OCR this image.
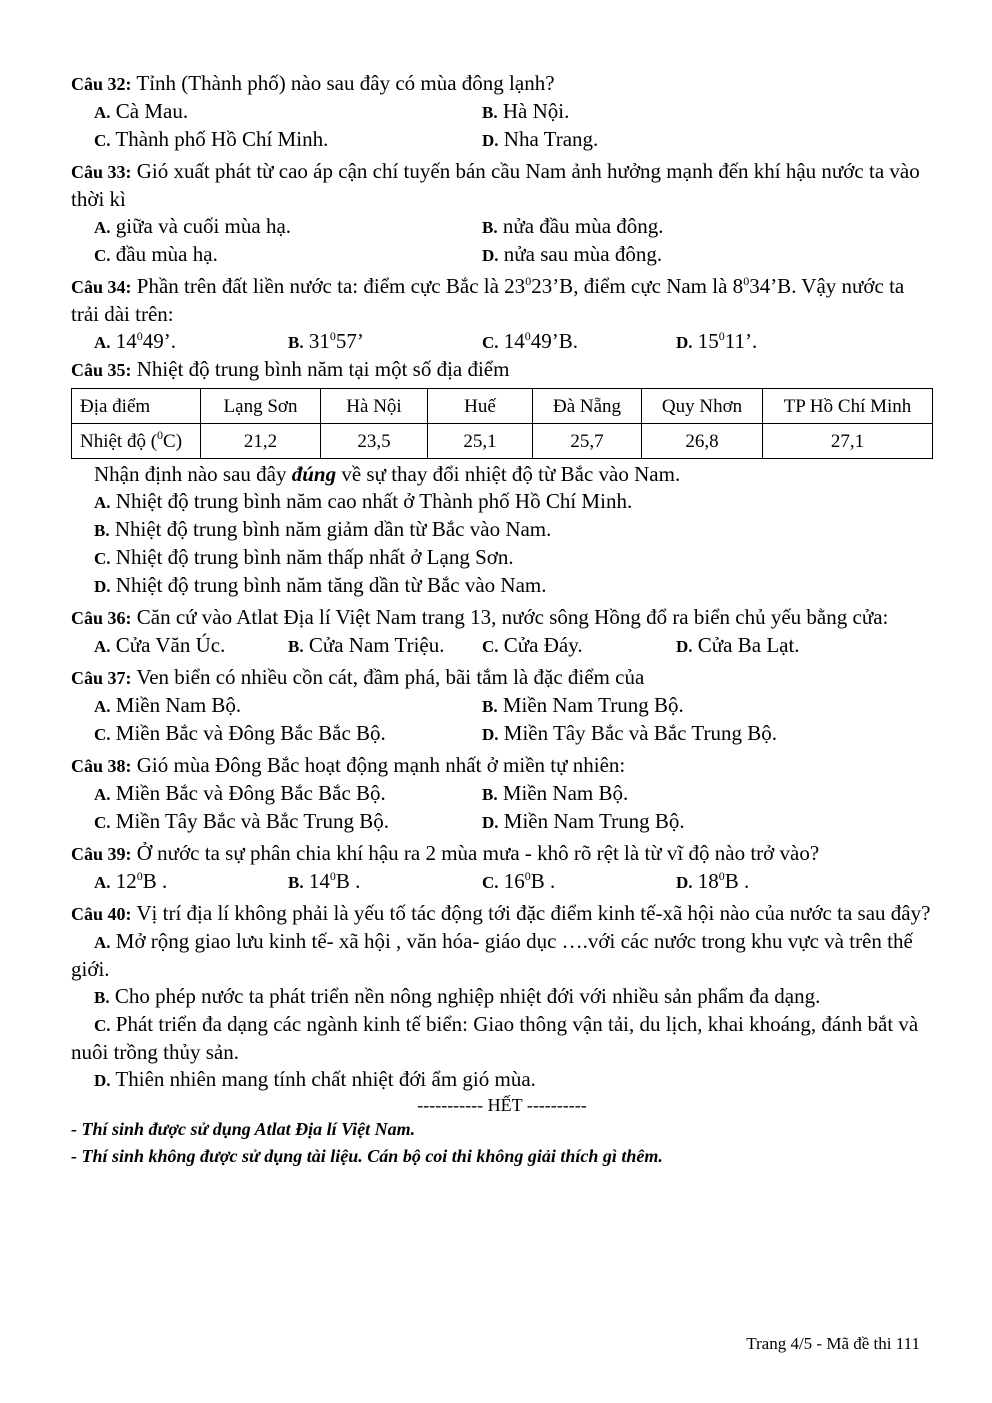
Câu 32: Tỉnh (Thành phố) nào sau đây có mùa đông lạnh?

A. Cà Mau.	B. Hà Nội.
C. Thành phố Hồ Chí Minh.	D. Nha Trang.

Câu 33: Gió xuất phát từ cao áp cận chí tuyến bán cầu Nam ảnh hưởng mạnh đến khí hậu nước ta vào thời kì

A. giữa và cuối mùa hạ.	B. nửa đầu mùa đông.
C. đầu mùa hạ.	D. nửa sau mùa đông.

Câu 34: Phần trên đất liền nước ta: điểm cực Bắc là $23^023’B$, điểm cực Nam là $8^034’B$. Vậy nước ta trải dài trên:

A. $14^049$’.	B. $31^057$’	C. $14^049’B$.	D. $15^011$’.

Câu 35: Nhiệt độ trung bình năm tại một số địa điểm

Địa điểm	Lạng Sơn	Hà Nội	Huế	Đà Nẵng	Quy Nhơn	TP Hồ Chí Minh
Nhiệt độ ($^0$C)	21,2	23,5	25,1	25,7	26,8	27,1

Nhận định nào sau đây đúng về sự thay đổi nhiệt độ từ Bắc vào Nam.

A. Nhiệt độ trung bình năm cao nhất ở Thành phố Hồ Chí Minh.

B. Nhiệt độ trung bình năm giảm dần từ Bắc vào Nam.

C. Nhiệt độ trung bình năm thấp nhất ở Lạng Sơn.

D. Nhiệt độ trung bình năm tăng dần từ Bắc vào Nam.

Câu 36: Căn cứ vào Atlat Địa lí Việt Nam trang 13, nước sông Hồng đổ ra biển chủ yếu bằng cửa:

A. Cửa Văn Úc.	B. Cửa Nam Triệu.	C. Cửa Đáy.	D. Cửa Ba Lạt.

Câu 37: Ven biển có nhiều cồn cát, đầm phá, bãi tắm là đặc điểm của

A. Miền Nam Bộ.	B. Miền Nam Trung Bộ.
C. Miền Bắc và Đông Bắc Bắc Bộ.	D. Miền Tây Bắc và Bắc Trung Bộ.

Câu 38: Gió mùa Đông Bắc hoạt động mạnh nhất ở miền tự nhiên:

A. Miền Bắc và Đông Bắc Bắc Bộ.	B. Miền Nam Bộ.
C. Miền Tây Bắc và Bắc Trung Bộ.	D. Miền Nam Trung Bộ.

Câu 39: Ở nước ta sự phân chia khí hậu ra 2 mùa mưa - khô rõ rệt là từ vĩ độ nào trở vào?

A. $12^0B$ .	B. $14^0B$ .	C. $16^0B$ .	D. $18^0B$ .

Câu 40: Vị trí địa lí không phải là yếu tố tác động tới đặc điểm kinh tế-xã hội nào của nước ta sau đây?

A. Mở rộng giao lưu kinh tế- xã hội , văn hóa- giáo dục ….với các nước trong khu vực và trên thế giới.

B. Cho phép nước ta phát triển nền nông nghiệp nhiệt đới với nhiều sản phẩm đa dạng.

C. Phát triển đa dạng các ngành kinh tế biển: Giao thông vận tải, du lịch, khai khoáng, đánh bắt và nuôi trồng thủy sản.

D. Thiên nhiên mang tính chất nhiệt đới ẩm gió mùa.

----------- HẾT ----------

- Thí sinh được sử dụng Atlat Địa lí Việt Nam.

- Thí sinh không được sử dụng tài liệu. Cán bộ coi thi không giải thích gì thêm.

Trang 4/5 - Mã đề thi 111
